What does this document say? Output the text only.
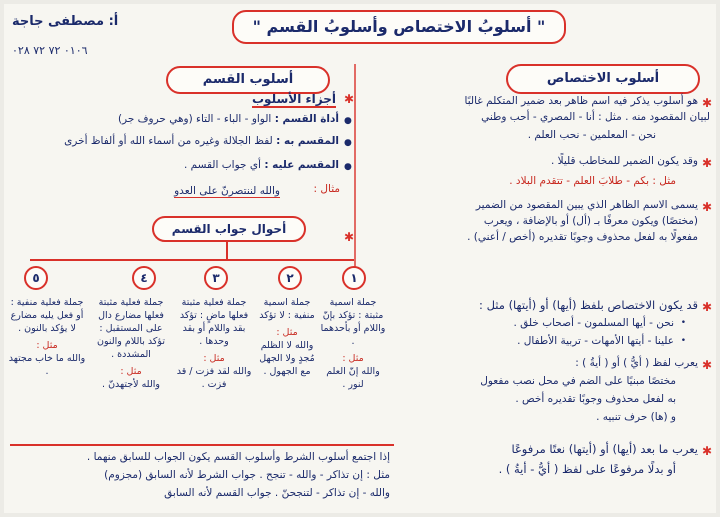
أ: مصطفى جاجة
٠١٠٦ ٧٢ ٧٢ ٠٢٨
" أسلوبُ الاختصاص وأسلوبُ القسم "
أسلوب الاختصاص
✱
هو أسلوب يذكر فيه اسم ظاهر بعد ضمير المتكلم غالبًا
لبيان المقصود منه . مثل : أنا - المصري - أحب وطني
نحن - المعلمين - نحب العلم .
✱
وقد يكون الضمير للمخاطب قليلًا .
مثل : بكم - طلابَ العلم - تتقدم البلاد .
✱
يسمى الاسم الظاهر الذي يبين المقصود من الضمير
(مختصًا) ويكون معرفًا بـ (أل) أو بالإضافة ، ويعرب
مفعولًا به لفعل محذوف وجوبًا تقديره (أخص / أعني) .
✱
قد يكون الاختصاص بلفظ (أيها) أو (أيتها) مثل :
•
نحن - أيها المسلمون - أصحاب خلق .
•
علينا - أيتها الأمهات - تربية الأطفال .
✱
يعرب لفظ ( أيُّ ) أو ( أيةُ ) :
مختصًا مبنيًا على الضم في محل نصب مفعول
به لفعل محذوف وجوبًا تقديره أخص .
و (ها) حرف تنبيه .
✱
يعرب ما بعد (أيها) أو (أيتها) نعتًا مرفوعًا
أو بدلًا مرفوعًا على لفظ ( أيُّ - أيةُ ) .
أسلوب القسم
✱
أجزاء الأسلوب
●
أداة القسم : الواو - الباء - التاء (وهي حروف جر)
●
المقسم به : لفظ الجلالة وغيره من أسماء الله أو ألفاظ أخرى
●
المقسم عليه : أي جواب القسم .
مثال :
والله لننتصرنّ على العدو
✱
أحوال جواب القسم
١
٢
٣
٤
٥
جملة اسمية مثبتة : تؤكد بإنّ واللام أو بأحدهما .
مثل :
والله إنّ العلم لنور .
جملة اسمية منفية : لا تؤكد
مثل :
والله لا الظلم مُجدٍ ولا الجهل مع الجهول .
جملة فعلية مثبتة فعلها ماضٍ : تؤكد بقد واللام أو بقد وحدها .
مثل :
والله لقد فزت / قد فزت .
جملة فعلية مثبتة فعلها مضارع دال على المستقبل : تؤكد باللام والنون المشددة .
مثل :
والله لأجتهدنّ .
جملة فعلية منفية : أو فعل يليه مضارع لا يؤكد بالنون .
مثل :
والله ما خاب مجتهد .
إذا اجتمع أسلوب الشرط وأسلوب القسم يكون الجواب للسابق منهما .
مثل : إن تذاكر - والله - تنجح . جواب الشرط لأنه السابق (مجزوم)
والله - إن تذاكر - لتنجحنّ . جواب القسم لأنه السابق
